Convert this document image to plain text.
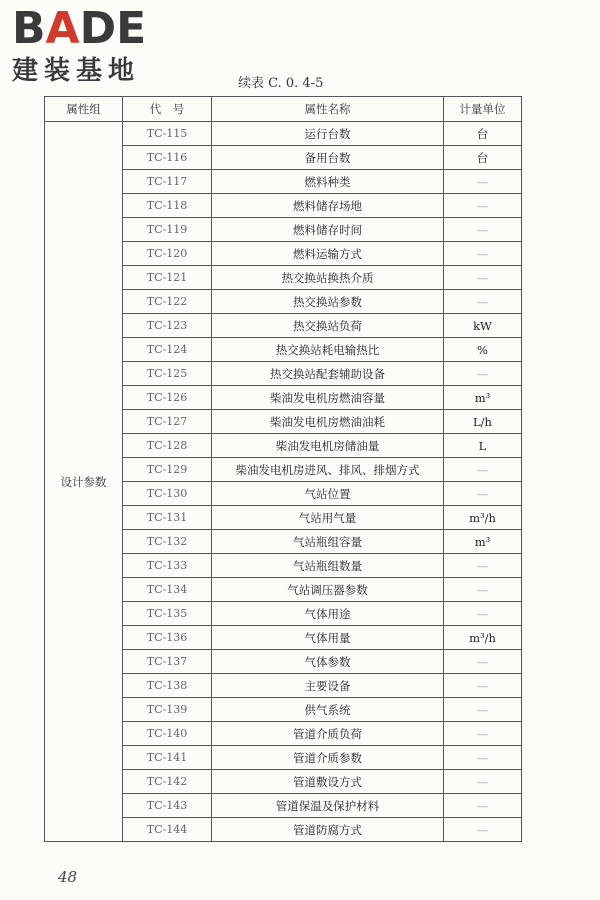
BADE
建装基地	续表 C. 0. 4-5
属性组	代　号	属性名称	计量单位
设计参数	TC-115	运行台数	台
	TC-116	备用台数	台
	TC-117	燃料种类	—
	TC-118	燃料储存场地	—
	TC-119	燃料储存时间	—
	TC-120	燃料运输方式	—
	TC-121	热交换站换热介质	—
	TC-122	热交换站参数	—
	TC-123	热交换站负荷	kW
	TC-124	热交换站耗电输热比	%
	TC-125	热交换站配套辅助设备	—
	TC-126	柴油发电机房燃油容量	m³
	TC-127	柴油发电机房燃油油耗	L/h
	TC-128	柴油发电机房储油量	L
	TC-129	柴油发电机房进风、排风、排烟方式	—
	TC-130	气站位置	—
	TC-131	气站用气量	m³/h
	TC-132	气站瓶组容量	m³
	TC-133	气站瓶组数量	—
	TC-134	气站调压器参数	—
	TC-135	气体用途	—
	TC-136	气体用量	m³/h
	TC-137	气体参数	—
	TC-138	主要设备	—
	TC-139	供气系统	—
	TC-140	管道介质负荷	—
	TC-141	管道介质参数	—
	TC-142	管道敷设方式	—
	TC-143	管道保温及保护材料	—
	TC-144	管道防腐方式	—
48
